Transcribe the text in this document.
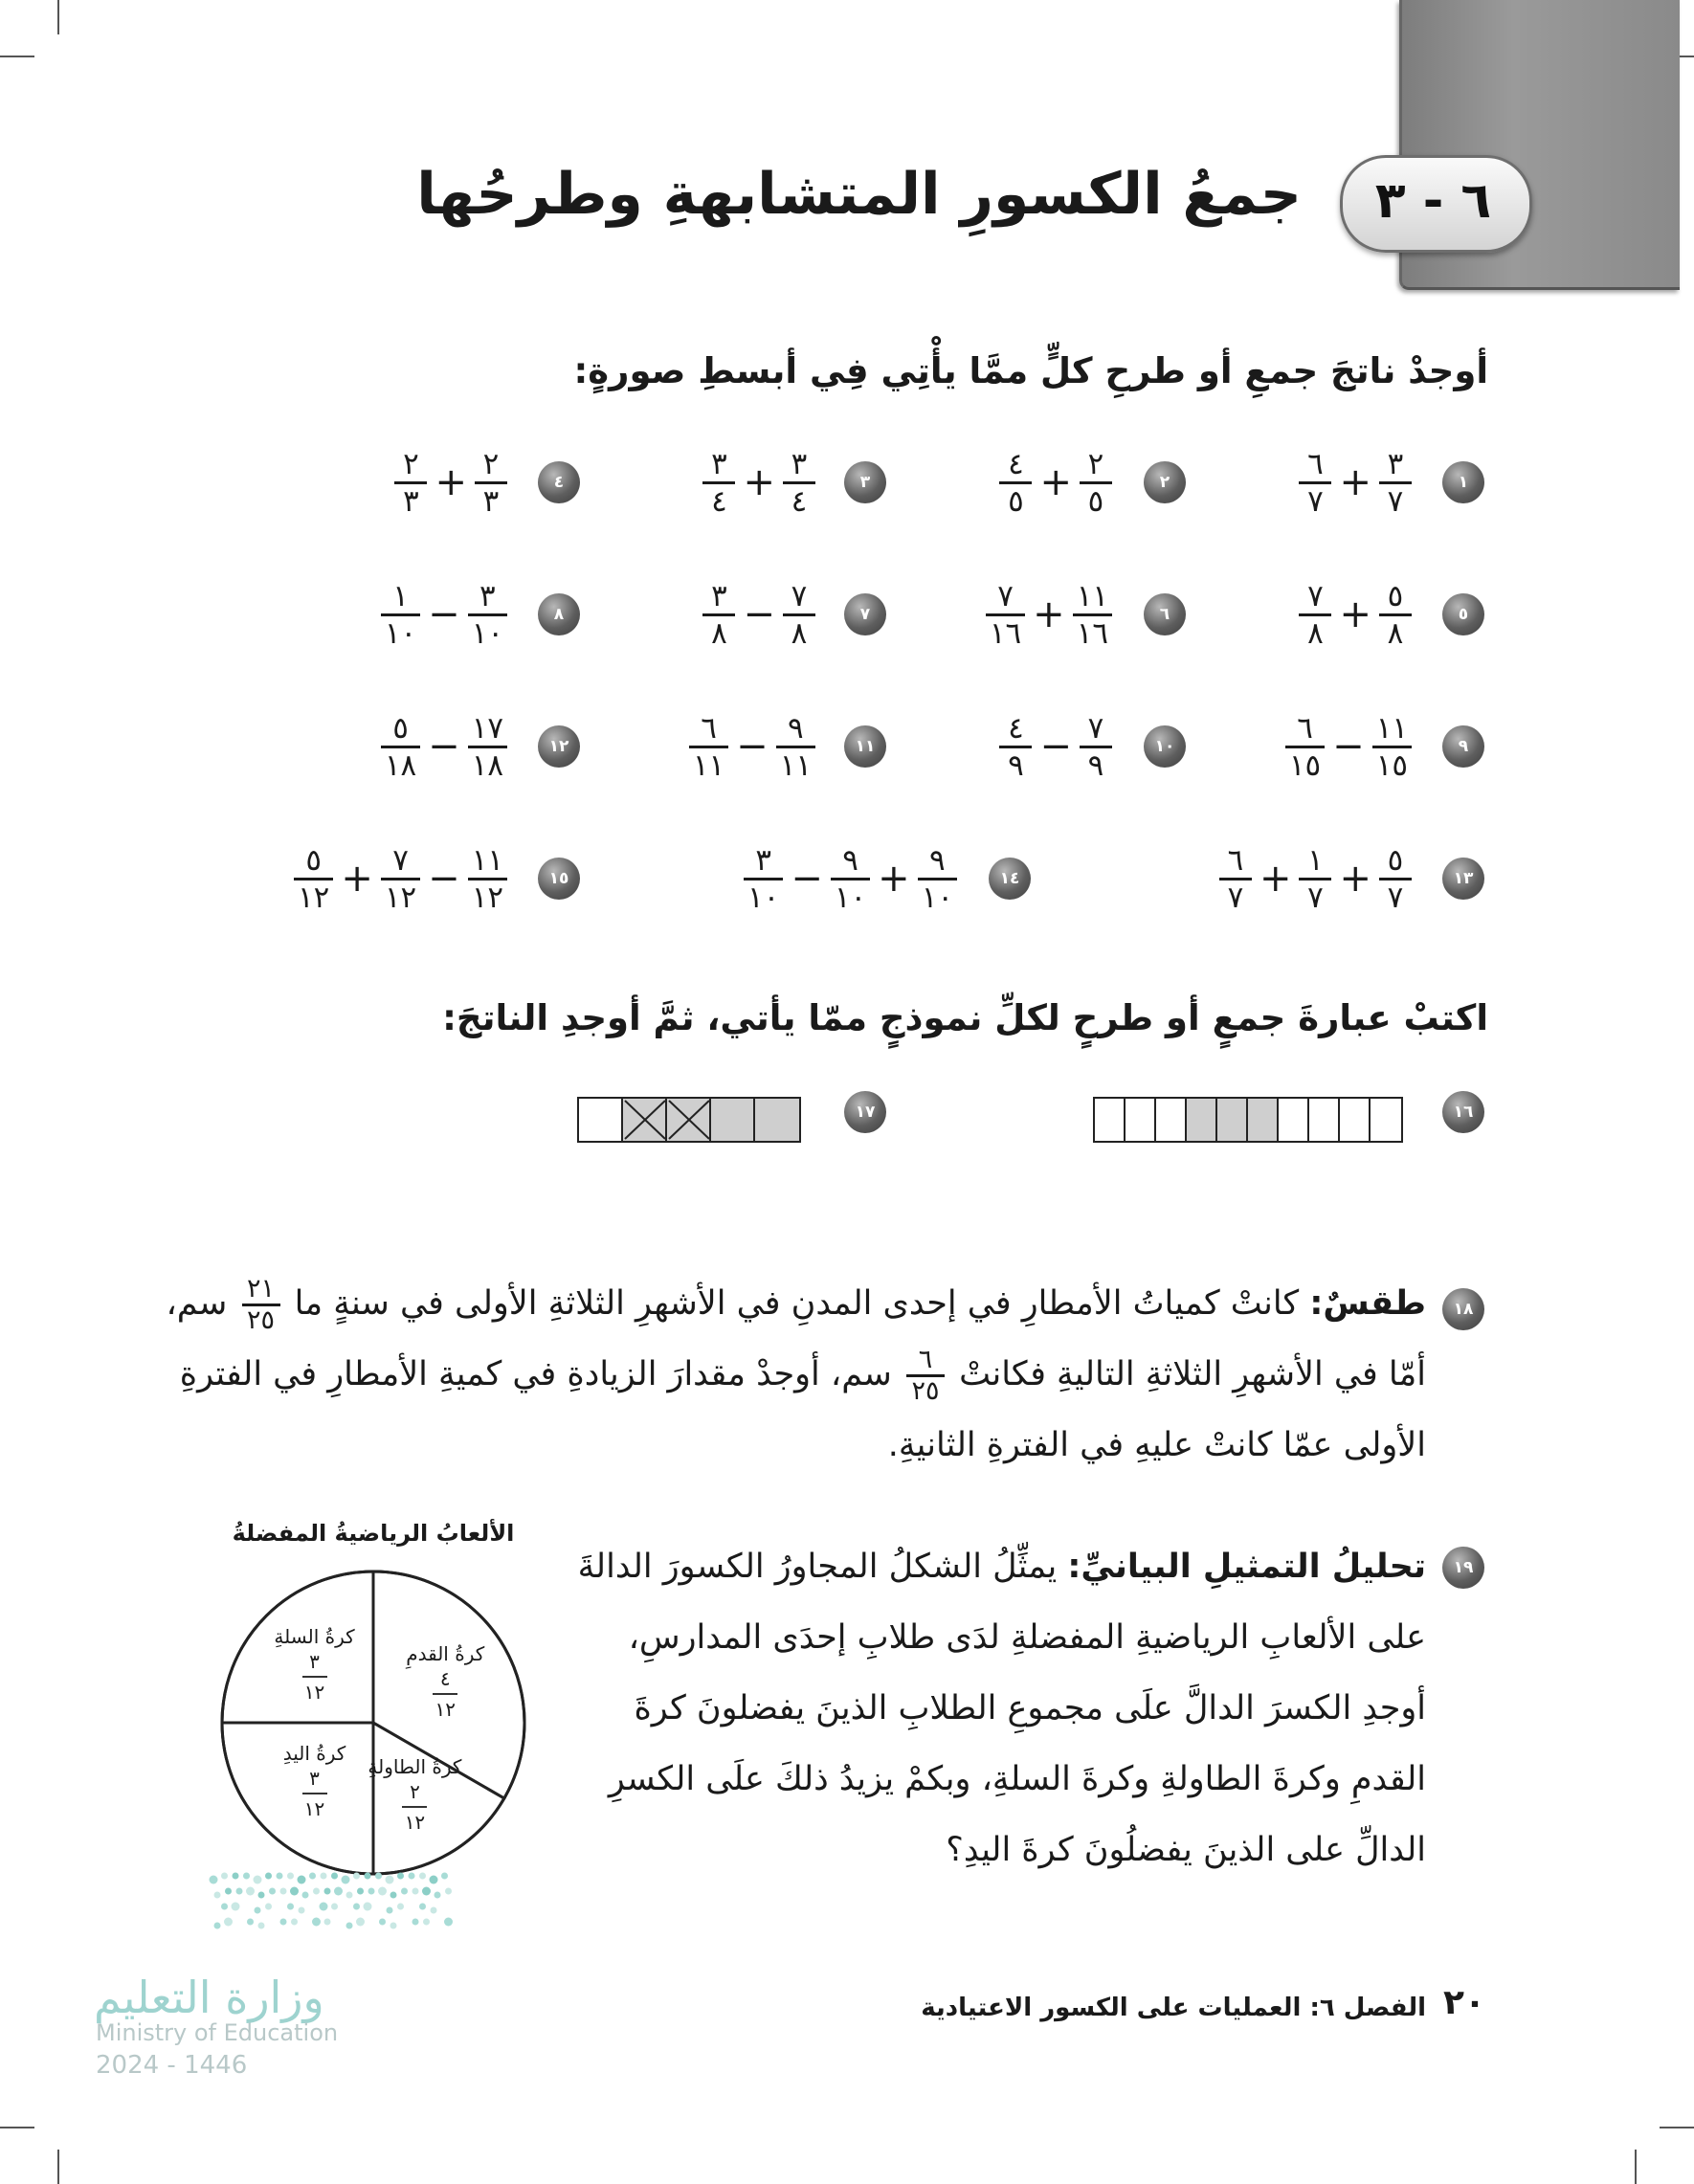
٦ - ٣
جمعُ الكسورِ المتشابهةِ وطرحُها
أوجدْ ناتجَ جمعِ أو طرحِ كلٍّ ممَّا يأْتِي فِي أبسطِ صورةٍ:
١
$\frac{٦}{٧} + \frac{٣}{٧}$
٢
$\frac{٤}{٥} + \frac{٢}{٥}$
٣
$\frac{٣}{٤} + \frac{٣}{٤}$
٤
$\frac{٢}{٣} + \frac{٢}{٣}$
٥
$\frac{٧}{٨} + \frac{٥}{٨}$
٦
$\frac{٧}{١٦} + \frac{١١}{١٦}$
٧
$\frac{٣}{٨} - \frac{٧}{٨}$
٨
$\frac{١}{١٠} - \frac{٣}{١٠}$
٩
$\frac{٦}{١٥} - \frac{١١}{١٥}$
١٠
$\frac{٤}{٩} - \frac{٧}{٩}$
١١
$\frac{٦}{١١} - \frac{٩}{١١}$
١٢
$\frac{٥}{١٨} - \frac{١٧}{١٨}$
١٣
$\frac{٦}{٧} + \frac{١}{٧} + \frac{٥}{٧}$
١٤
$\frac{٣}{١٠} - \frac{٩}{١٠} + \frac{٩}{١٠}$
١٥
$\frac{٥}{١٢} + \frac{٧}{١٢} - \frac{١١}{١٢}$
اكتبْ عبارةَ جمعٍ أو طرحٍ لكلِّ نموذجٍ ممّا يأتي، ثمَّ أوجدِ الناتجَ:
١٦
١٧
١٨
طقسٌ: كانتْ كمياتُ الأمطارِ في إحدى المدنِ في الأشهرِ الثلاثةِ الأولى في سنةٍ ما
٢١
٢٥
سم،
أمّا في الأشهرِ الثلاثةِ التاليةِ فكانتْ
٦
٢٥
سم، أوجدْ مقدارَ الزيادةِ في كميةِ الأمطارِ في الفترةِ
الأولى عمّا كانتْ عليهِ في الفترةِ الثانيةِ.
١٩
تحليلُ التمثيلِ البيانيِّ: يمثِّلُ الشكلُ المجاورُ الكسورَ الدالةَ
على الألعابِ الرياضيةِ المفضلةِ لدَى طلابِ إحدَى المدارسِ،
أوجدِ الكسرَ الدالَّ علَى مجموعِ الطلابِ الذينَ يفضلونَ كرةَ
القدمِ وكرةَ الطاولةِ وكرةَ السلةِ، وبكمْ يزيدُ ذلكَ علَى الكسرِ
الدالِّ على الذينَ يفضلُونَ كرةَ اليدِ؟
الألعابُ الرياضيةُ المفضلةُ
كرةُ القدمِ
٤
١٢
كرةُ الطاولةِ
٢
١٢
كرةُ اليدِ
٣
١٢
كرةُ السلةِ
٣
١٢
وزارة التعليم
Ministry of Education
2024 - 1446
٢٠
الفصل ٦: العمليات على الكسور الاعتيادية
